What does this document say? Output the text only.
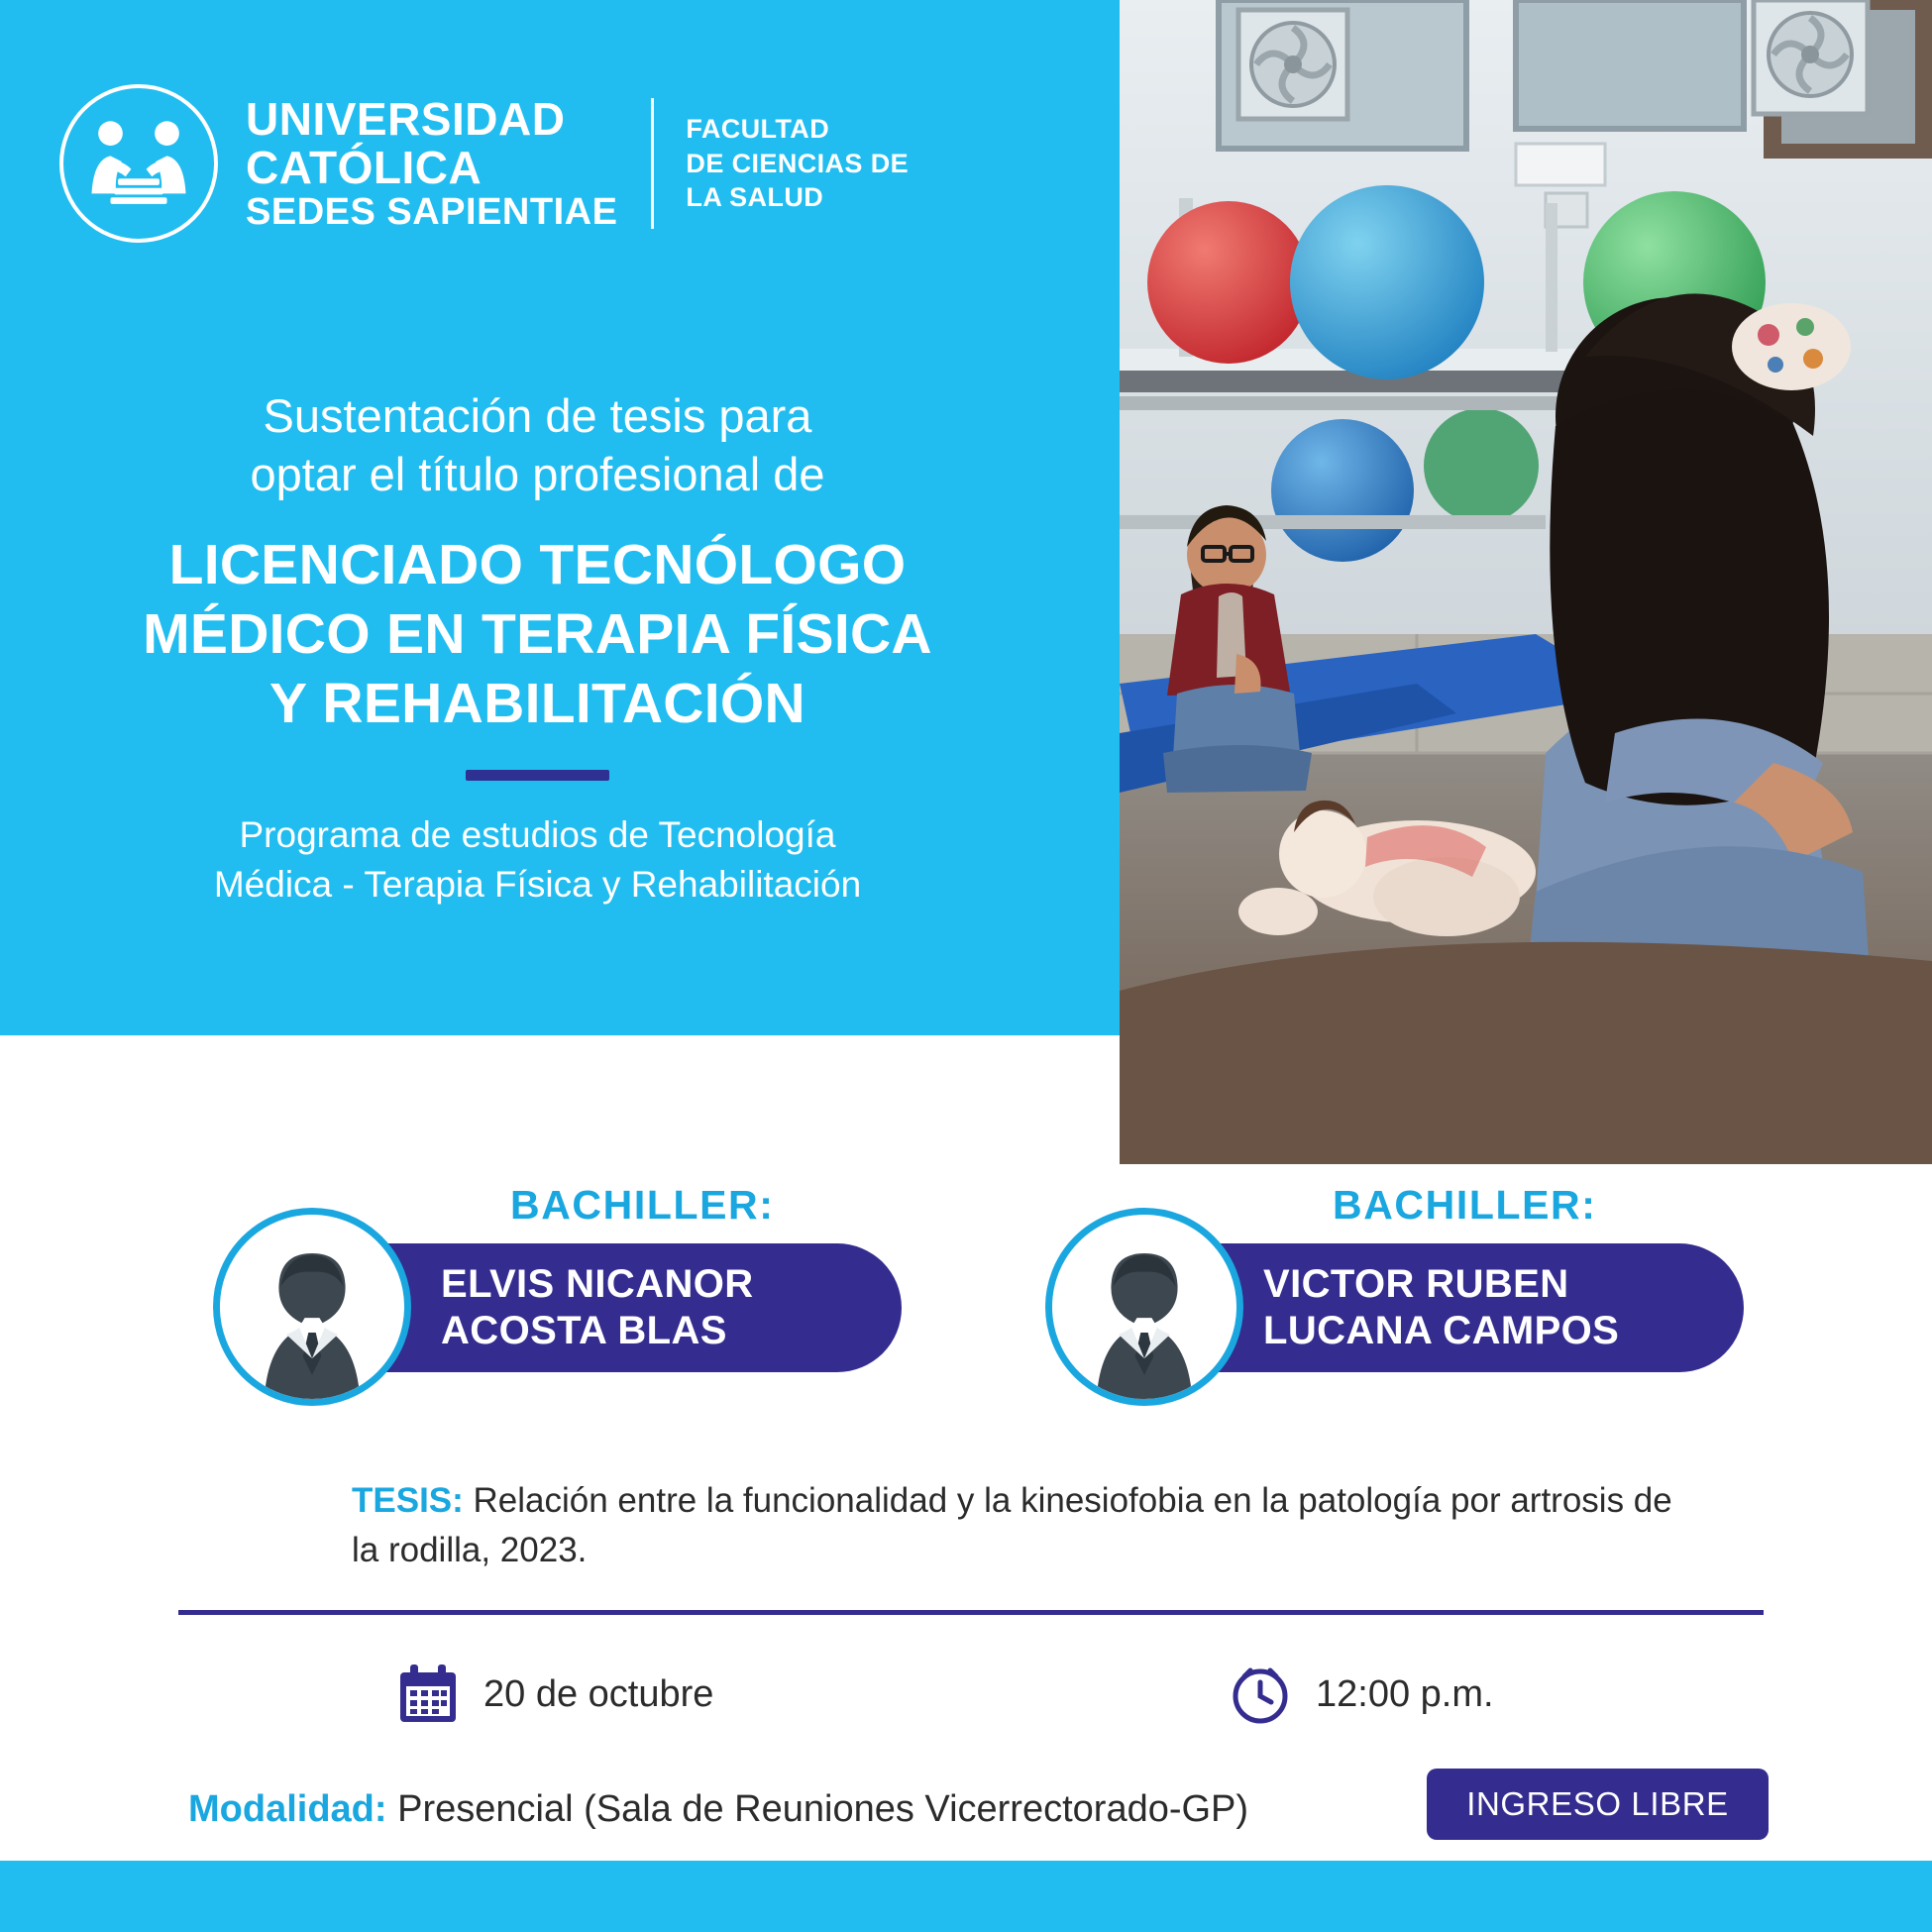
UNIVERSIDAD
CATÓLICA
SEDES SAPIENTIAE
FACULTAD
DE CIENCIAS DE
LA SALUD
Sustentación de tesis para
optar el título profesional de
LICENCIADO TECNÓLOGO
MÉDICO EN TERAPIA FÍSICA
Y REHABILITACIÓN
Programa de estudios de Tecnología
Médica - Terapia Física y Rehabilitación
BACHILLER:
ELVIS NICANOR
ACOSTA BLAS
BACHILLER:
VICTOR RUBEN
LUCANA CAMPOS
TESIS: Relación entre la funcionalidad y la kinesiofobia en la patología por artrosis de la rodilla, 2023.
20 de octubre	12:00 p.m.
Modalidad: Presencial (Sala de Reuniones Vicerrectorado-GP)	INGRESO LIBRE
